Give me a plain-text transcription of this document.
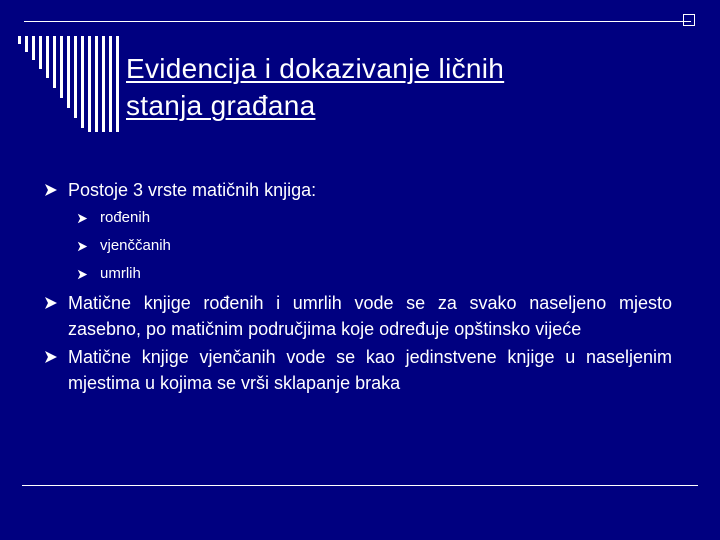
Evidencija i dokazivanje ličnih
stanja građana

Postoje 3 vrste matičnih knjiga:

rođenih

vjenččanih

umrlih

Matične knjige rođenih i umrlih vode se za svako naseljeno mjesto zasebno, po matičnim područjima koje određuje opštinsko vijeće

Matične knjige vjenčanih vode se kao jedinstvene knjige u naseljenim mjestima u kojima se vrši sklapanje braka
